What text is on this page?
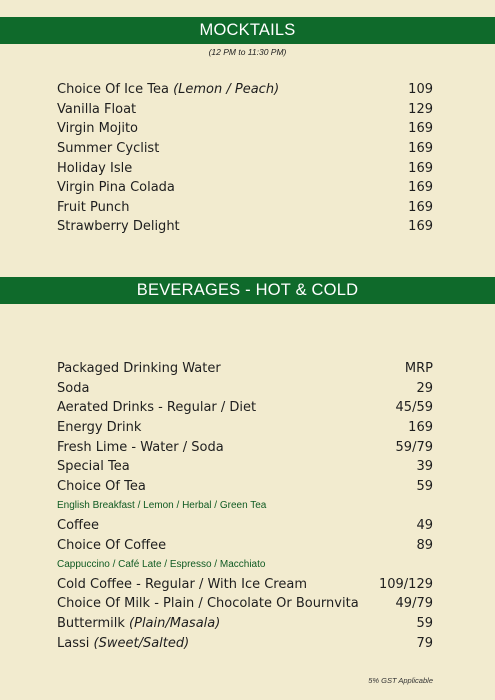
MOCKTAILS
(12 PM to 11:30 PM)
Choice Of Ice Tea (Lemon / Peach)	109
Vanilla Float	129
Virgin Mojito	169
Summer Cyclist	169
Holiday Isle	169
Virgin Pina Colada	169
Fruit Punch	169
Strawberry Delight	169
BEVERAGES - HOT & COLD
Packaged Drinking Water	MRP
Soda	29
Aerated Drinks - Regular / Diet	45/59
Energy Drink	169
Fresh Lime - Water / Soda	59/79
Special Tea	39
Choice Of Tea	59
English Breakfast / Lemon / Herbal / Green Tea
Coffee	49
Choice Of Coffee	89
Cappuccino / Café Late / Espresso / Macchiato
Cold Coffee - Regular / With Ice Cream	109/129
Choice Of Milk - Plain / Chocolate Or Bournvita	49/79
Buttermilk (Plain/Masala)	59
Lassi (Sweet/Salted)	79
5% GST Applicable
